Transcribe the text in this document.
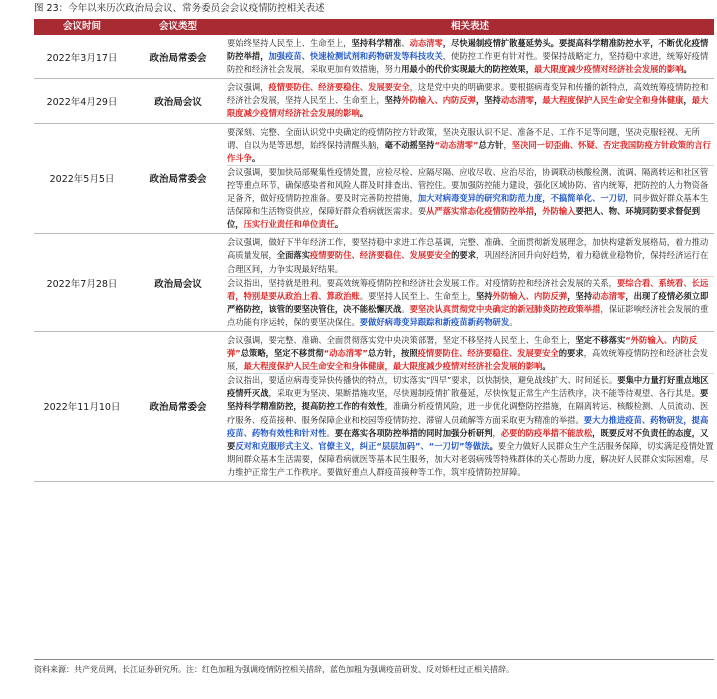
图 23：今年以来历次政治局会议、常务委员会会议疫情防控相关表述
会议时间	会议类型	相关表述
2022年3月17日	政治局常委会	要始终坚持人民至上、生命至上，坚持科学精准、动态清零，尽快遏制疫情扩散蔓延势头。要提高科学精准防控水平，不断优化疫情防控举措，加强疫苗、快速检测试剂和药物研发等科技攻关，使防控工作更有针对性。要保持战略定力，坚持稳中求进，统筹好疫情防控和经济社会发展，采取更加有效措施，努力用最小的代价实现最大的防控效果，最大限度减少疫情对经济社会发展的影响。

2022年4月29日	政治局会议	会议强调，疫情要防住、经济要稳住、发展要安全，这是党中央的明确要求。要根据病毒变异和传播的新特点，高效统筹疫情防控和经济社会发展，坚持人民至上、生命至上，坚持外防输入、内防反弹，坚持动态清零，最大程度保护人民生命安全和身体健康，最大限度减少疫情对经济社会发展的影响。

2022年5月5日	政治局常委会	要深刻、完整、全面认识党中央确定的疫情防控方针政策，坚决克服认识不足、准备不足、工作不足等问题，坚决克服轻视、无所谓、自以为是等思想，始终保持清醒头脑，毫不动摇坚持“动态清零”总方针，坚决同一切歪曲、怀疑、否定我国防疫方针政策的言行作斗争。
会议强调，要加快局部聚集性疫情处置，应检尽检、应隔尽隔、应收尽收、应治尽治，协调联动核酸检测、流调、隔离转运和社区管控等重点环节，确保感染者和风险人群及时排查出、管控住。要加强防控能力建设，强化区域协防、省内统筹，把防控的人力物资备足备齐，做好疫情防控准备。要及时完善防控措施，加大对病毒变异的研究和防范力度，不搞简单化、一刀切，同步做好群众基本生活保障和生活物资供应，保障好群众看病就医需求。要从严落实常态化疫情防控举措，外防输入要把人、物、环境同防要求督促到位，压实行业责任和单位责任。

2022年7月28日	政治局会议	会议强调，做好下半年经济工作，要坚持稳中求进工作总基调，完整、准确、全面贯彻新发展理念，加快构建新发展格局，着力推动高质量发展，全面落实疫情要防住、经济要稳住、发展要安全的要求，巩固经济回升向好趋势，着力稳就业稳物价，保持经济运行在合理区间，力争实现最好结果。
会议指出，坚持就是胜利。要高效统筹疫情防控和经济社会发展工作。对疫情防控和经济社会发展的关系，要综合看、系统看、长远看，特别是要从政治上看、算政治账。要坚持人民至上、生命至上，坚持外防输入、内防反弹，坚持动态清零，出现了疫情必须立即严格防控，该管的要坚决管住，决不能松懈厌战。要坚决认真贯彻党中央确定的新冠肺炎防控政策举措，保证影响经济社会发展的重点功能有序运转，保的要坚决保住。要做好病毒变异跟踪和新疫苗新药物研发。

2022年11月10日	政治局常委会	会议强调，要完整、准确、全面贯彻落实党中央决策部署，坚定不移坚持人民至上、生命至上，坚定不移落实“外防输入、内防反弹”总策略，坚定不移贯彻“动态清零”总方针，按照疫情要防住、经济要稳住、发展要安全的要求，高效统筹疫情防控和经济社会发展，最大程度保护人民生命安全和身体健康，最大限度减少疫情对经济社会发展的影响。
会议指出，要适应病毒变异快传播快的特点，切实落实“四早”要求，以快制快，避免战线扩大、时间延长。要集中力量打好重点地区疫情歼灭战，采取更为坚决、果断措施攻坚，尽快遏制疫情扩散蔓延，尽快恢复正常生产生活秩序，决不能等待观望、各行其是。要坚持科学精准防控，提高防控工作的有效性，准确分析疫情风险，进一步优化调整防控措施，在隔离转运、核酸检测、人员流动、医疗服务、疫苗接种、服务保障企业和校园等疫情防控、滞留人员疏解等方面采取更为精准的举措。要大力推进疫苗、药物研发，提高疫苗、药物有效性和针对性。要在落实各项防控举措的同时加强分析研判，必要的防疫举措不能放松，既要反对不负责任的态度，又要反对和克服形式主义、官僚主义，纠正“层层加码”、“一刀切”等做法。要全力做好人民群众生产生活服务保障，切实满足疫情处置期间群众基本生活需要，保障看病就医等基本民生服务，加大对老弱病残等特殊群体的关心帮助力度，解决好人民群众实际困难，尽力维护正常生产工作秩序。要做好重点人群疫苗接种等工作，筑牢疫情防控屏障。
资料来源：共产党员网，长江证券研究所。注：红色加粗为强调疫情防控相关措辞，蓝色加粗为强调疫苗研发、反对矫枉过正相关措辞。
